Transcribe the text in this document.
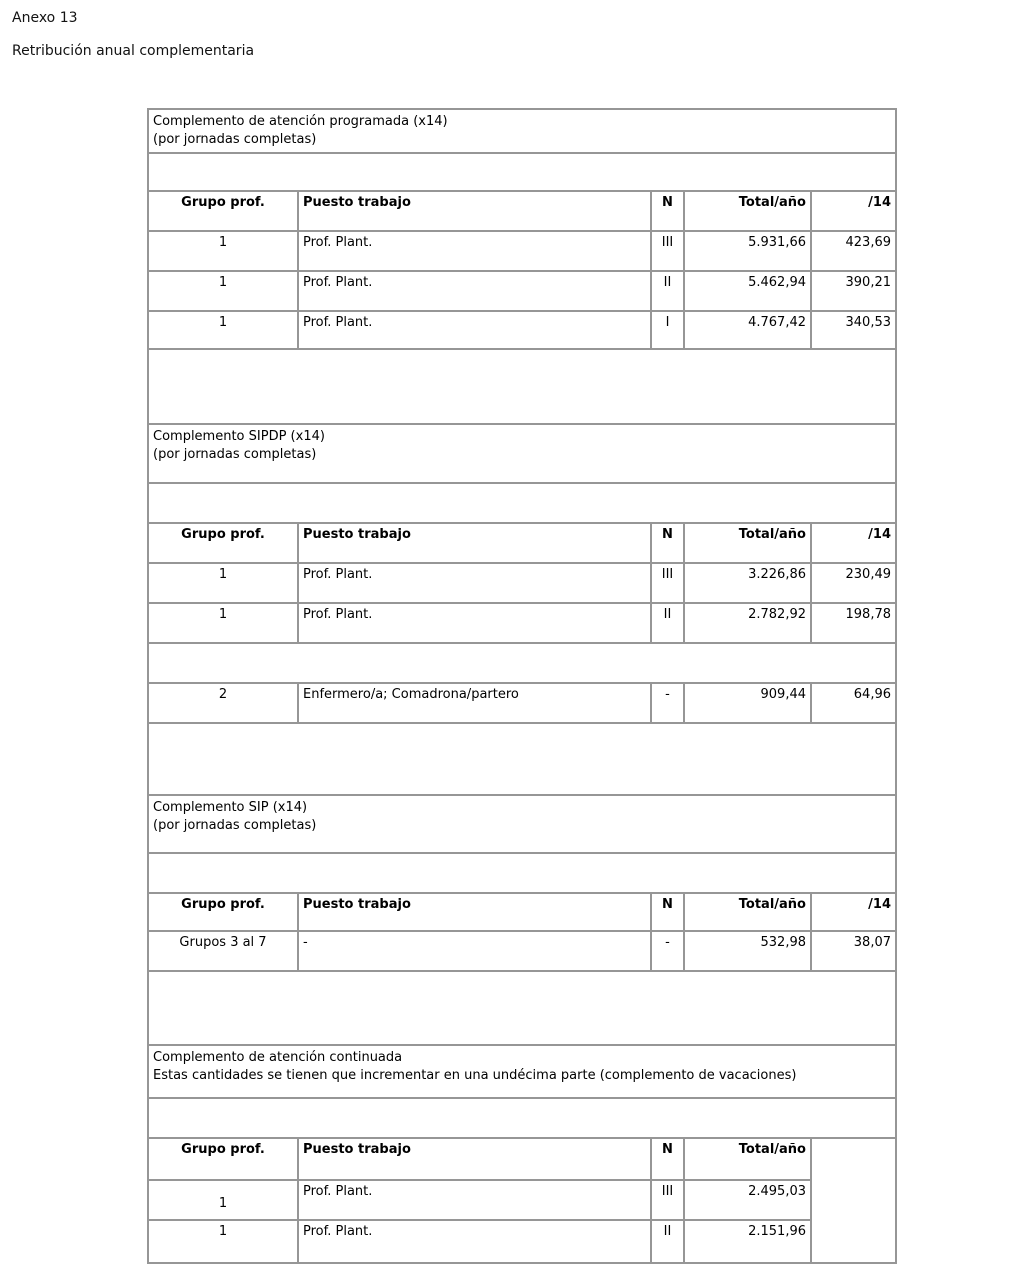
Anexo 13
Retribución anual complementaria
Complemento de atención programada (x14)
(por jornadas completas)				

Grupo prof.	Puesto trabajo	N	Total/año	/14
1	Prof. Plant.	III	5.931,66	423,69
1	Prof. Plant.	II	5.462,94	390,21
1	Prof. Plant.	I	4.767,42	340,53

Complemento SIPDP (x14)
(por jornadas completas)				

Grupo prof.	Puesto trabajo	N	Total/año	/14
1	Prof. Plant.	III	3.226,86	230,49
1	Prof. Plant.	II	2.782,92	198,78

2	Enfermero/a; Comadrona/partero	-	909,44	64,96

Complemento SIP (x14)
(por jornadas completas)				

Grupo prof.	Puesto trabajo	N	Total/año	/14
Grupos 3 al 7	-	-	532,98	38,07

Complemento de atención continuada
Estas cantidades se tienen que incrementar en una undécima parte (complemento de vacaciones)				

Grupo prof.	Puesto trabajo	N	Total/año	
1	Prof. Plant.	III	2.495,03	
1	Prof. Plant.	II	2.151,96	
